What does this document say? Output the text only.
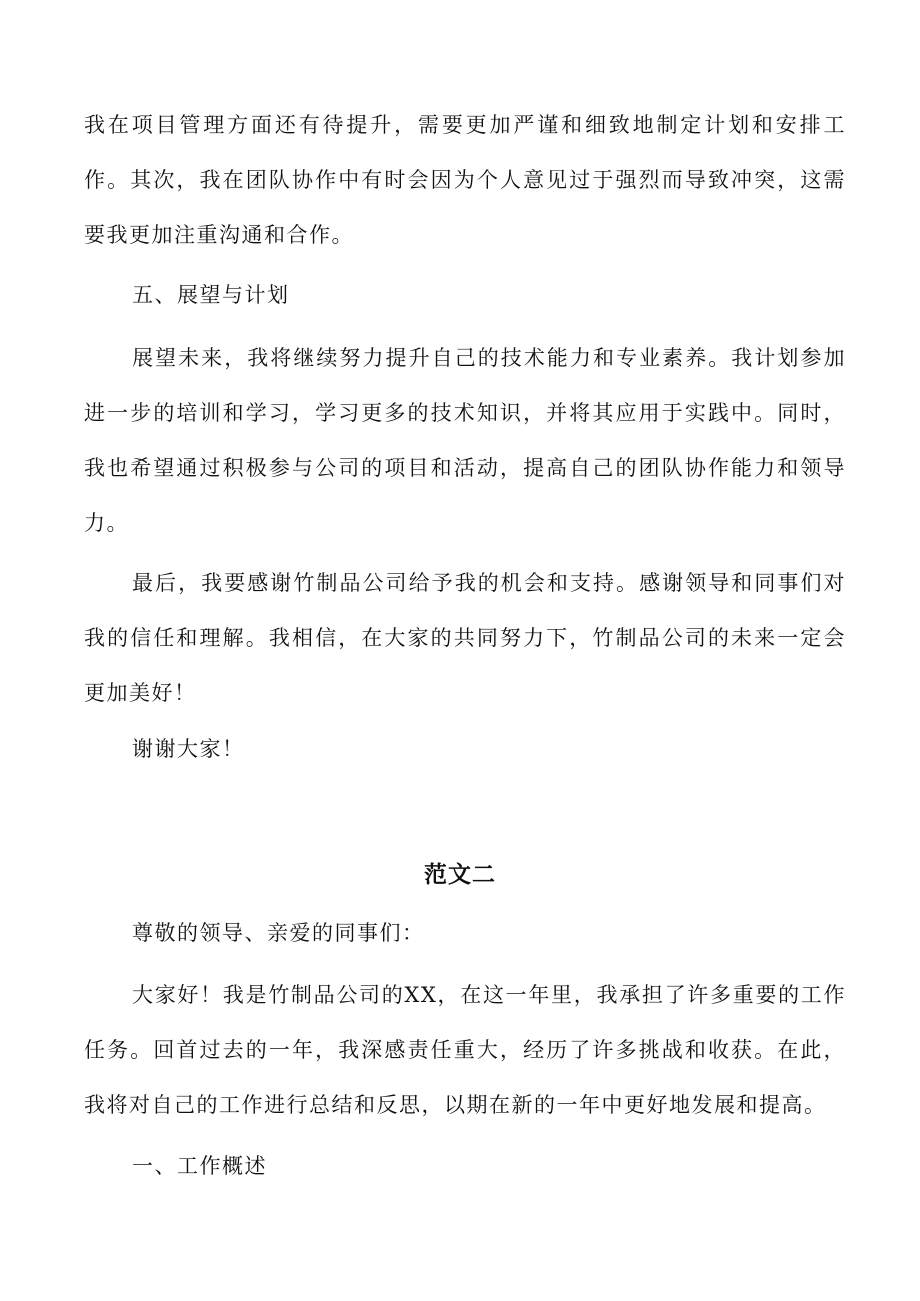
我在项目管理方面还有待提升，需要更加严谨和细致地制定计划和安排工作。其次，我在团队协作中有时会因为个人意见过于强烈而导致冲突，这需要我更加注重沟通和合作。

五、展望与计划

展望未来，我将继续努力提升自己的技术能力和专业素养。我计划参加进一步的培训和学习，学习更多的技术知识，并将其应用于实践中。同时，我也希望通过积极参与公司的项目和活动，提高自己的团队协作能力和领导力。

最后，我要感谢竹制品公司给予我的机会和支持。感谢领导和同事们对我的信任和理解。我相信，在大家的共同努力下，竹制品公司的未来一定会更加美好！

谢谢大家！

范文二

尊敬的领导、亲爱的同事们：

大家好！我是竹制品公司的XX，在这一年里，我承担了许多重要的工作任务。回首过去的一年，我深感责任重大，经历了许多挑战和收获。在此，我将对自己的工作进行总结和反思，以期在新的一年中更好地发展和提高。

一、工作概述
